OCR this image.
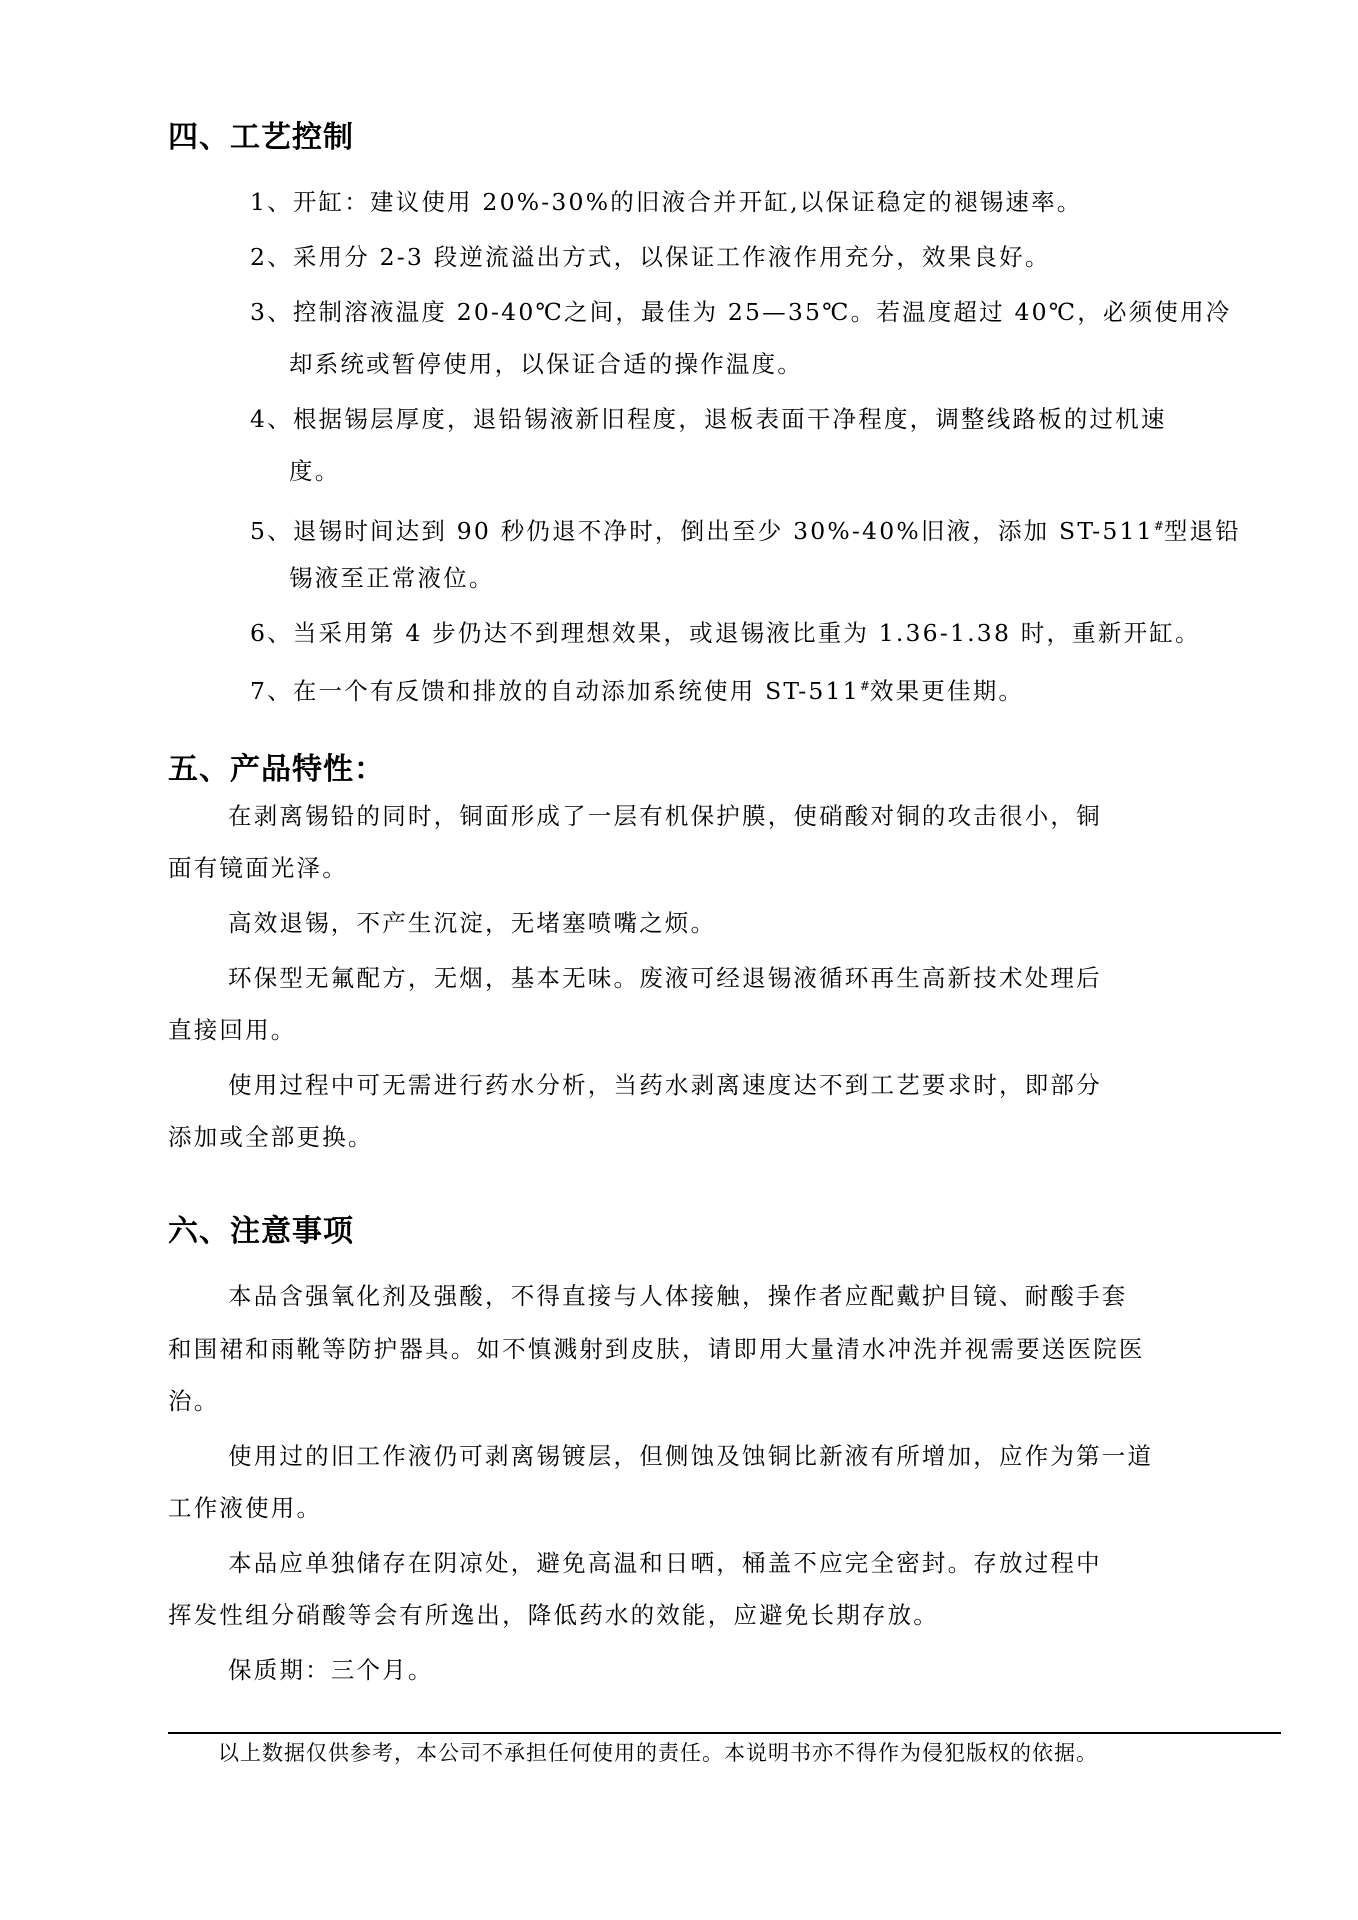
四、工艺控制
1、开缸：建议使用 20%-30%的旧液合并开缸,以保证稳定的褪锡速率。
2、采用分 2-3 段逆流溢出方式，以保证工作液作用充分，效果良好。
3、控制溶液温度 20-40℃之间，最佳为 25—35℃。若温度超过 40℃，必须使用冷
却系统或暂停使用，以保证合适的操作温度。
4、根据锡层厚度，退铅锡液新旧程度，退板表面干净程度，调整线路板的过机速
度。
5、退锡时间达到 90 秒仍退不净时，倒出至少 30%-40%旧液，添加 ST-511#型退铅
锡液至正常液位。
6、当采用第 4 步仍达不到理想效果，或退锡液比重为 1.36-1.38 时，重新开缸。
7、在一个有反馈和排放的自动添加系统使用 ST-511#效果更佳期。
五、产品特性：
在剥离锡铅的同时，铜面形成了一层有机保护膜，使硝酸对铜的攻击很小，铜
面有镜面光泽。
高效退锡，不产生沉淀，无堵塞喷嘴之烦。
环保型无氟配方，无烟，基本无味。废液可经退锡液循环再生高新技术处理后
直接回用。
使用过程中可无需进行药水分析，当药水剥离速度达不到工艺要求时，即部分
添加或全部更换。
六、注意事项
本品含强氧化剂及强酸，不得直接与人体接触，操作者应配戴护目镜、耐酸手套
和围裙和雨靴等防护器具。如不慎溅射到皮肤，请即用大量清水冲洗并视需要送医院医
治。
使用过的旧工作液仍可剥离锡镀层，但侧蚀及蚀铜比新液有所增加，应作为第一道
工作液使用。
本品应单独储存在阴凉处，避免高温和日晒，桶盖不应完全密封。存放过程中
挥发性组分硝酸等会有所逸出，降低药水的效能，应避免长期存放。
保质期：三个月。
以上数据仅供参考，本公司不承担任何使用的责任。本说明书亦不得作为侵犯版权的依据。
